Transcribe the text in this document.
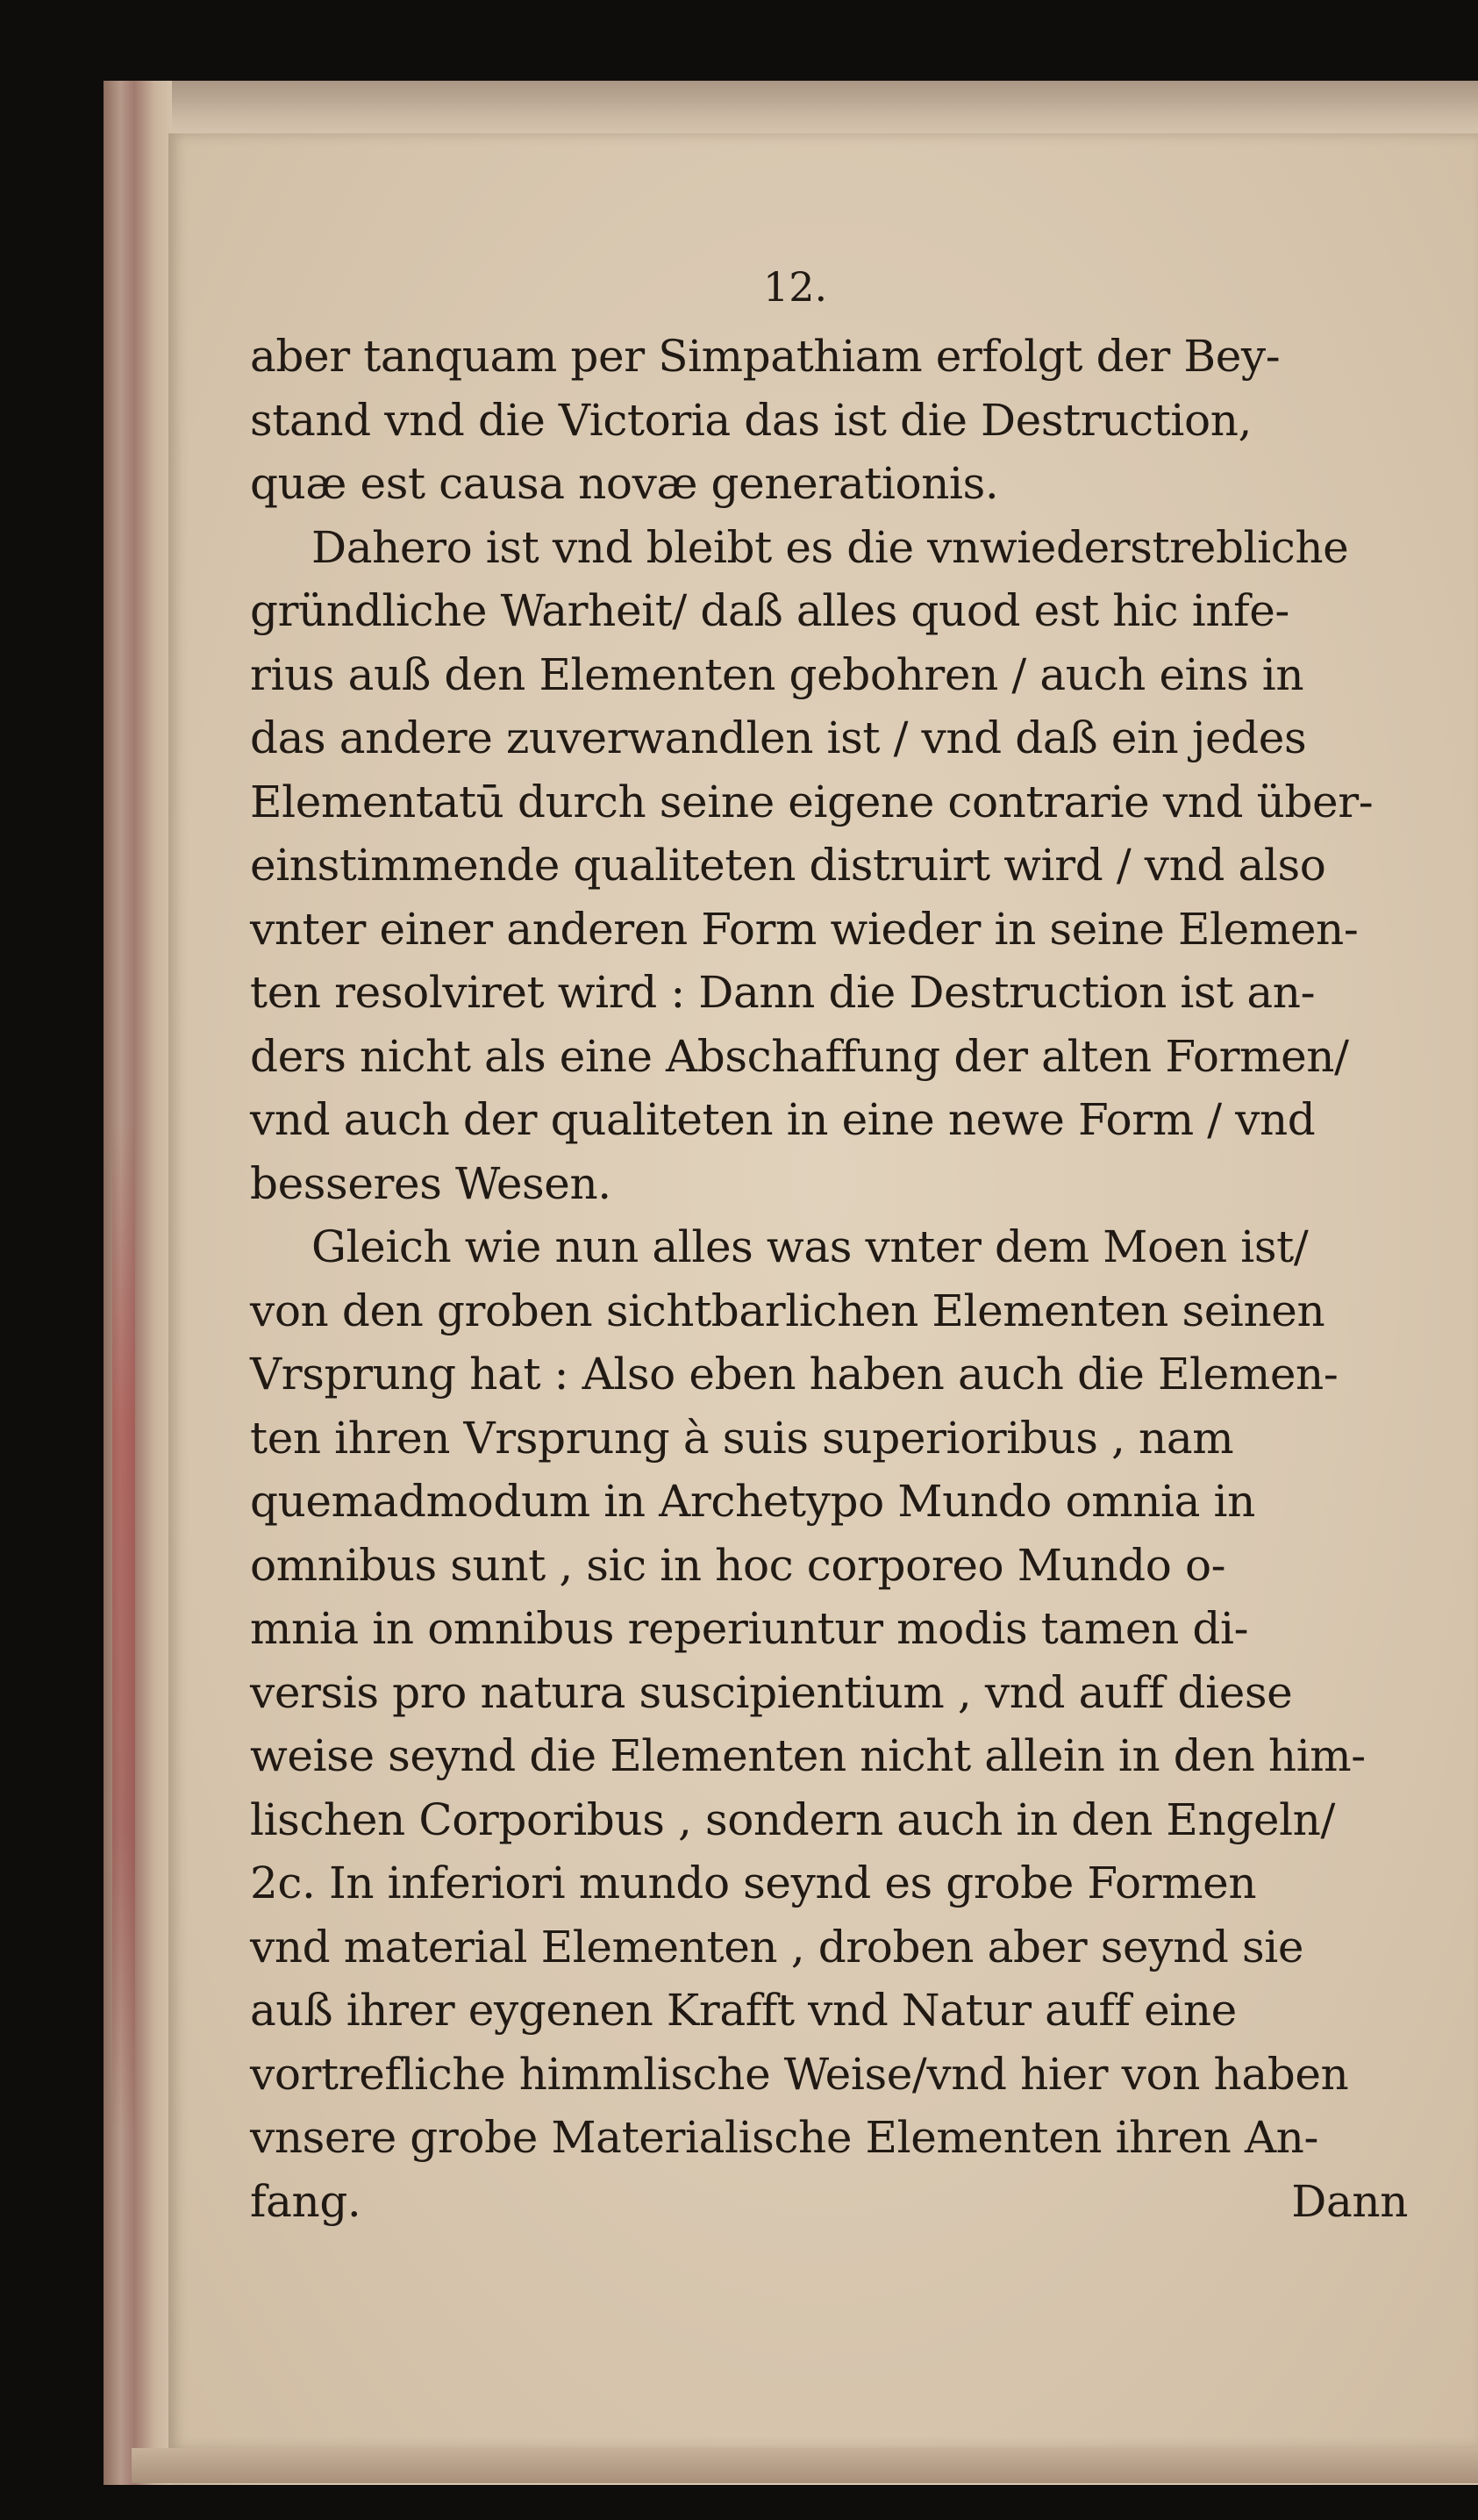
12.
aber tanquam per Simpathiam erfolgt der Bey-
stand vnd die Victoria das ist die Destruction,
quæ est causa novæ generationis.
Dahero ist vnd bleibt es die vnwiederstrebliche
gründliche Warheit/ daß alles quod est hic infe-
rius auß den Elementen gebohren / auch eins in
das andere zuverwandlen ist / vnd daß ein jedes
Elementatū durch seine eigene contrarie vnd über-
einstimmende qualiteten distruirt wird / vnd also
vnter einer anderen Form wieder in seine Elemen-
ten resolviret wird : Dann die Destruction ist an-
ders nicht als eine Abschaffung der alten Formen/
vnd auch der qualiteten in eine newe Form / vnd
besseres Wesen.
Gleich wie nun alles was vnter dem Moen ist/
von den groben sichtbarlichen Elementen seinen
Vrsprung hat : Also eben haben auch die Elemen-
ten ihren Vrsprung à suis superioribus , nam
quemadmodum in Archetypo Mundo omnia in
omnibus sunt , sic in hoc corporeo Mundo o-
mnia in omnibus reperiuntur modis tamen di-
versis pro natura suscipientium , vnd auff diese
weise seynd die Elementen nicht allein in den him-
lischen Corporibus , sondern auch in den Engeln/
2c. In inferiori mundo seynd es grobe Formen
vnd material Elementen , droben aber seynd sie
auß ihrer eygenen Krafft vnd Natur auff eine
vortrefliche himmlische Weise/vnd hier von haben
vnsere grobe Materialische Elementen ihren An-
fang.	Dann
